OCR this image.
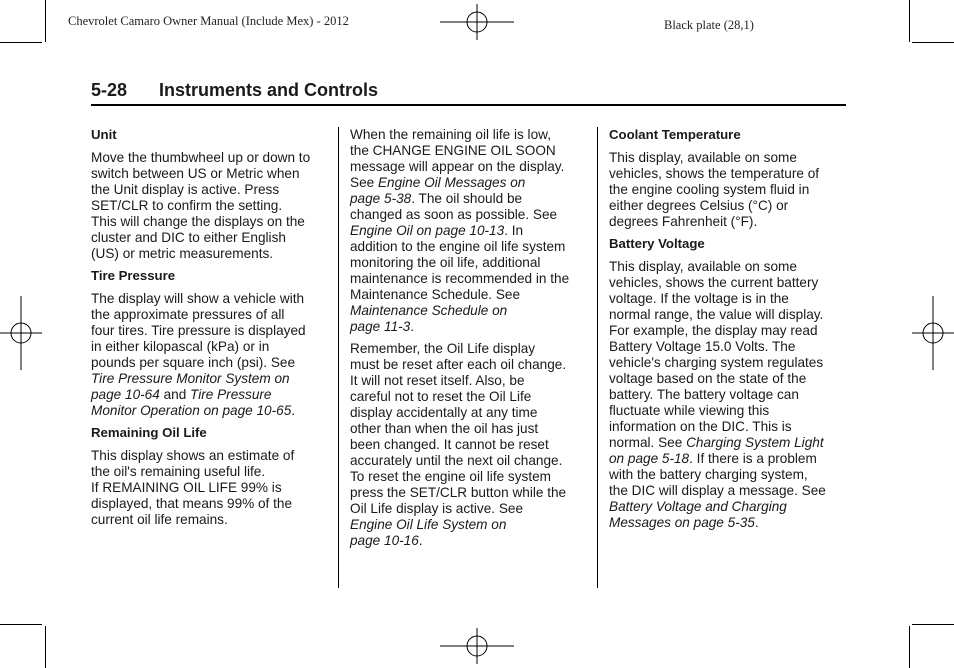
Chevrolet Camaro Owner Manual (Include Mex) - 2012	Black plate (28,1)
5-28 Instruments and Controls
Unit

Move the thumbwheel up or down to
switch between US or Metric when
the Unit display is active. Press
SET/CLR to confirm the setting.
This will change the displays on the
cluster and DIC to either English
(US) or metric measurements.

Tire Pressure

The display will show a vehicle with
the approximate pressures of all
four tires. Tire pressure is displayed
in either kilopascal (kPa) or in
pounds per square inch (psi). See
Tire Pressure Monitor System on
page 10-64 and Tire Pressure
Monitor Operation on page 10-65.

Remaining Oil Life

This display shows an estimate of
the oil's remaining useful life.
If REMAINING OIL LIFE 99% is
displayed, that means 99% of the
current oil life remains.

When the remaining oil life is low,
the CHANGE ENGINE OIL SOON
message will appear on the display.
See Engine Oil Messages on
page 5-38. The oil should be
changed as soon as possible. See
Engine Oil on page 10-13. In
addition to the engine oil life system
monitoring the oil life, additional
maintenance is recommended in the
Maintenance Schedule. See
Maintenance Schedule on
page 11-3.

Remember, the Oil Life display
must be reset after each oil change.
It will not reset itself. Also, be
careful not to reset the Oil Life
display accidentally at any time
other than when the oil has just
been changed. It cannot be reset
accurately until the next oil change.
To reset the engine oil life system
press the SET/CLR button while the
Oil Life display is active. See
Engine Oil Life System on
page 10-16.

Coolant Temperature

This display, available on some
vehicles, shows the temperature of
the engine cooling system fluid in
either degrees Celsius (°C) or
degrees Fahrenheit (°F).

Battery Voltage

This display, available on some
vehicles, shows the current battery
voltage. If the voltage is in the
normal range, the value will display.
For example, the display may read
Battery Voltage 15.0 Volts. The
vehicle's charging system regulates
voltage based on the state of the
battery. The battery voltage can
fluctuate while viewing this
information on the DIC. This is
normal. See Charging System Light
on page 5-18. If there is a problem
with the battery charging system,
the DIC will display a message. See
Battery Voltage and Charging
Messages on page 5-35.
